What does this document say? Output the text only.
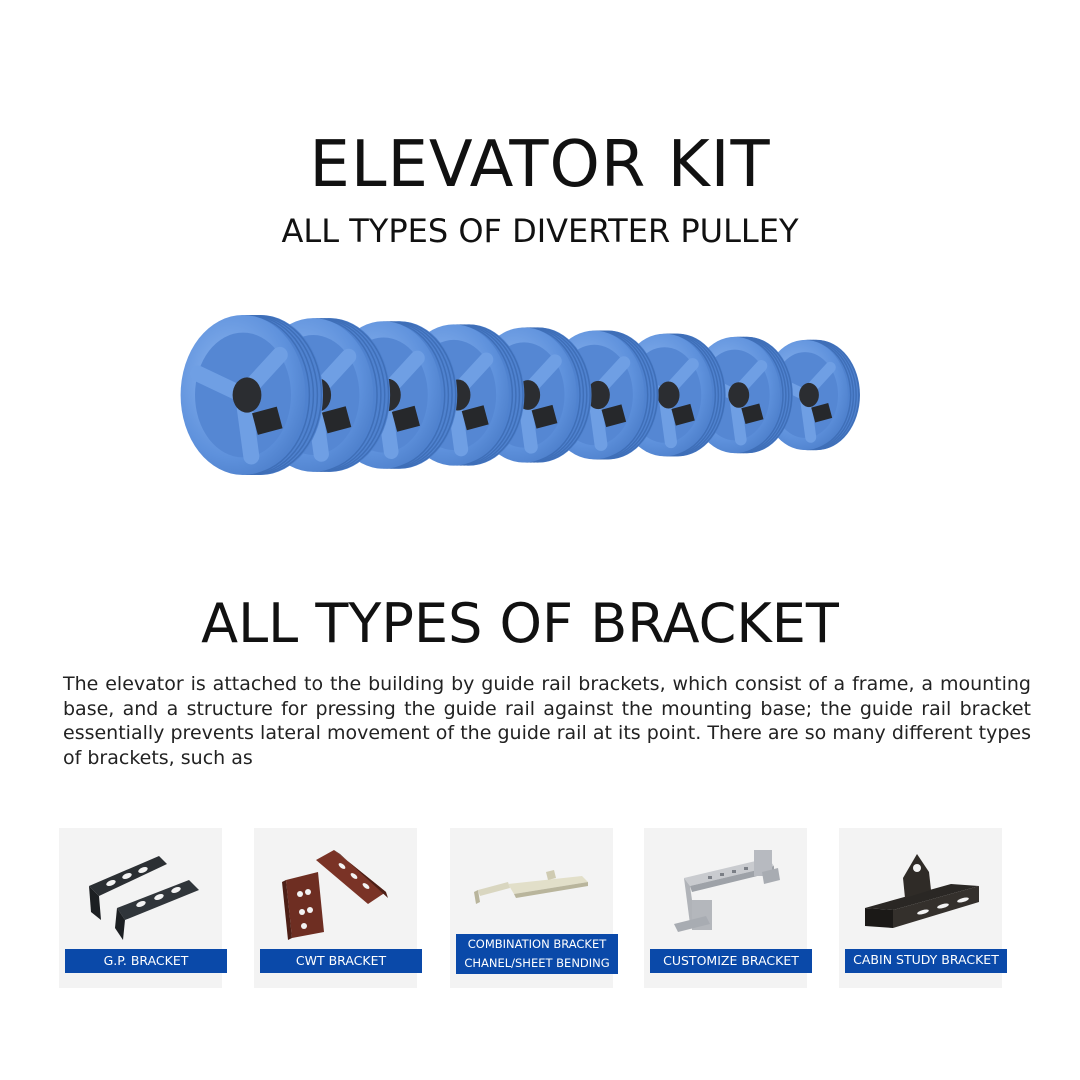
ELEVATOR KIT
ALL TYPES OF DIVERTER PULLEY
ALL TYPES OF BRACKET
The elevator is attached to the building by guide rail brackets, which consist of a frame, a mounting base, and a structure for pressing the guide rail against the mounting base; the guide rail bracket essentially prevents lateral movement of the guide rail at its point. There are so many different types of brackets, such as
G.P. BRACKET	CWT BRACKET
COMBINATION BRACKET
CHANEL/SHEET BENDING	CUSTOMIZE BRACKET	CABIN STUDY BRACKET
